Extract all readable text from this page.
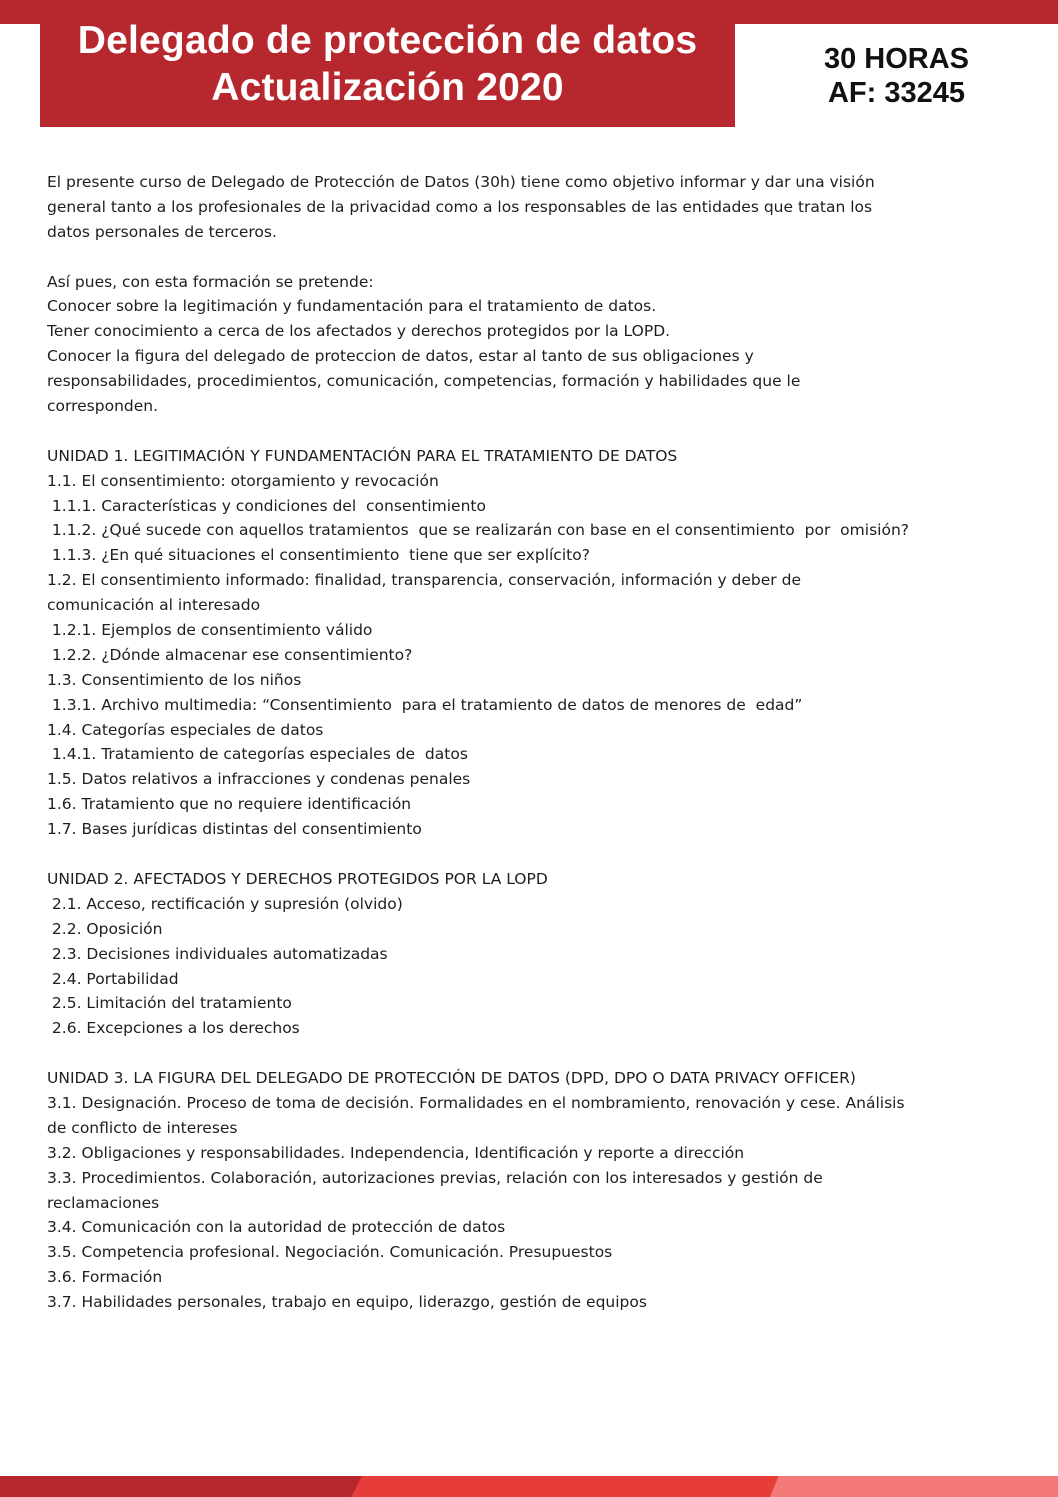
Delegado de protección de datos Actualización 2020
30 HORAS
AF: 33245
El presente curso de Delegado de Protección de Datos (30h) tiene como objetivo informar y dar una visión
general tanto a los profesionales de la privacidad como a los responsables de las entidades que tratan los
datos personales de terceros.
Así pues, con esta formación se pretende:
Conocer sobre la legitimación y fundamentación para el tratamiento de datos.
Tener conocimiento a cerca de los afectados y derechos protegidos por la LOPD.
Conocer la figura del delegado de proteccion de datos, estar al tanto de sus obligaciones y
responsabilidades, procedimientos, comunicación, competencias, formación y habilidades que le
corresponden.
UNIDAD 1. LEGITIMACIÓN Y FUNDAMENTACIÓN PARA EL TRATAMIENTO DE DATOS
1.1. El consentimiento: otorgamiento y revocación
1.1.1. Características y condiciones del  consentimiento
1.1.2. ¿Qué sucede con aquellos tratamientos  que se realizarán con base en el consentimiento  por  omisión?
1.1.3. ¿En qué situaciones el consentimiento  tiene que ser explícito?
1.2. El consentimiento informado: finalidad, transparencia, conservación, información y deber de
comunicación al interesado
1.2.1. Ejemplos de consentimiento válido
1.2.2. ¿Dónde almacenar ese consentimiento?
1.3. Consentimiento de los niños
1.3.1. Archivo multimedia: “Consentimiento  para el tratamiento de datos de menores de  edad”
1.4. Categorías especiales de datos
1.4.1. Tratamiento de categorías especiales de  datos
1.5. Datos relativos a infracciones y condenas penales
1.6. Tratamiento que no requiere identificación
1.7. Bases jurídicas distintas del consentimiento
UNIDAD 2. AFECTADOS Y DERECHOS PROTEGIDOS POR LA LOPD
2.1. Acceso, rectificación y supresión (olvido)
2.2. Oposición
2.3. Decisiones individuales automatizadas
2.4. Portabilidad
2.5. Limitación del tratamiento
2.6. Excepciones a los derechos
UNIDAD 3. LA FIGURA DEL DELEGADO DE PROTECCIÓN DE DATOS (DPD, DPO O DATA PRIVACY OFFICER)
3.1. Designación. Proceso de toma de decisión. Formalidades en el nombramiento, renovación y cese. Análisis
de conflicto de intereses
3.2. Obligaciones y responsabilidades. Independencia, Identificación y reporte a dirección
3.3. Procedimientos. Colaboración, autorizaciones previas, relación con los interesados y gestión de
reclamaciones
3.4. Comunicación con la autoridad de protección de datos
3.5. Competencia profesional. Negociación. Comunicación. Presupuestos
3.6. Formación
3.7. Habilidades personales, trabajo en equipo, liderazgo, gestión de equipos
